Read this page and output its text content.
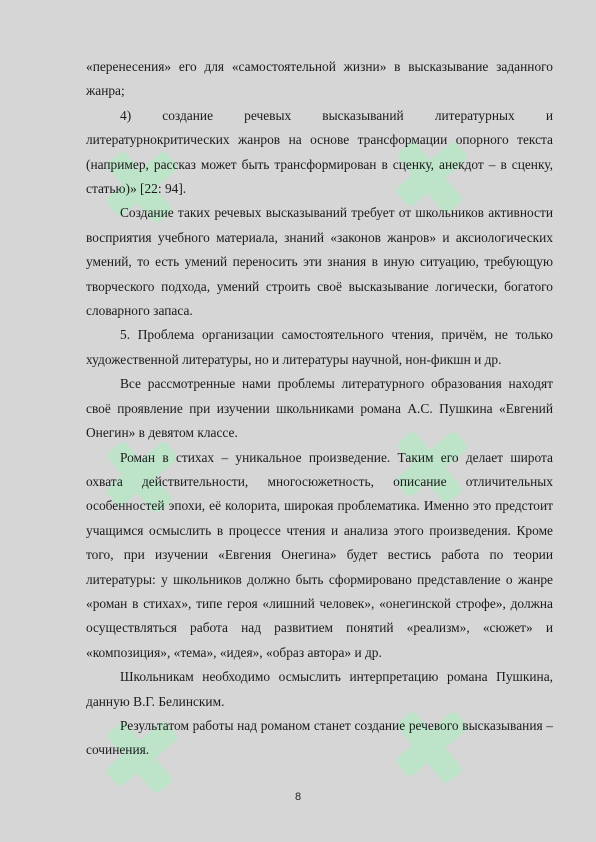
«перенесения» его для «самостоятельной жизни» в высказывание заданного жанра;

4) создание речевых высказываний литературных и литературнокритических жанров на основе трансформации опорного текста (например, рассказ может быть трансформирован в сценку, анекдот – в сценку, статью)» [22: 94].

Создание таких речевых высказываний требует от школьников активности восприятия учебного материала, знаний «законов жанров» и аксиологических умений, то есть умений переносить эти знания в иную ситуацию, требующую творческого подхода, умений строить своё высказывание логически, богатого словарного запаса.

5. Проблема организации самостоятельного чтения, причём, не только художественной литературы, но и литературы научной, нон-фикшн и др.

Все рассмотренные нами проблемы литературного образования находят своё проявление при изучении школьниками романа А.С. Пушкина «Евгений Онегин» в девятом классе.

Роман в стихах – уникальное произведение. Таким его делает широта охвата действительности, многосюжетность, описание отличительных особенностей эпохи, её колорита, широкая проблематика. Именно это предстоит учащимся осмыслить в процессе чтения и анализа этого произведения. Кроме того, при изучении «Евгения Онегина» будет вестись работа по теории литературы: у школьников должно быть сформировано представление о жанре «роман в стихах», типе героя «лишний человек», «онегинской строфе», должна осуществляться работа над развитием понятий «реализм», «сюжет» и «композиция», «тема», «идея», «образ автора» и др.

Школьникам необходимо осмыслить интерпретацию романа Пушкина, данную В.Г. Белинским.

Результатом работы над романом станет создание речевого высказывания – сочинения.

8
